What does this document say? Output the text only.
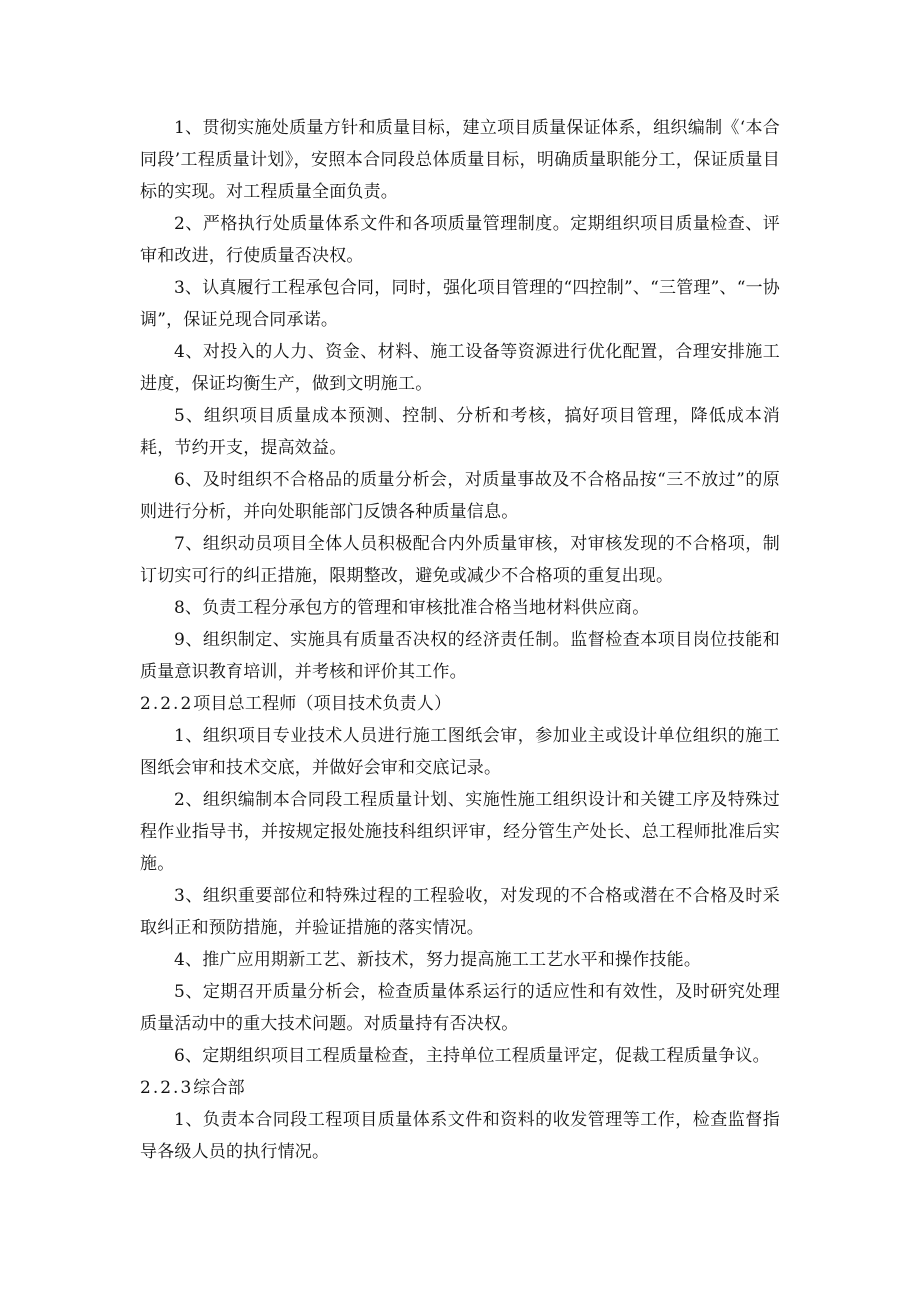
1、贯彻实施处质量方针和质量目标，建立项目质量保证体系，组织编制《‘本合同段’工程质量计划》，安照本合同段总体质量目标，明确质量职能分工，保证质量目标的实现。对工程质量全面负责。

2、严格执行处质量体系文件和各项质量管理制度。定期组织项目质量检查、评审和改进，行使质量否决权。

3、认真履行工程承包合同，同时，强化项目管理的“四控制”、“三管理”、“一协调”，保证兑现合同承诺。

4、对投入的人力、资金、材料、施工设备等资源进行优化配置，合理安排施工进度，保证均衡生产，做到文明施工。

5、组织项目质量成本预测、控制、分析和考核，搞好项目管理，降低成本消耗，节约开支，提高效益。

6、及时组织不合格品的质量分析会，对质量事故及不合格品按“三不放过”的原则进行分析，并向处职能部门反馈各种质量信息。

7、组织动员项目全体人员积极配合内外质量审核，对审核发现的不合格项，制订切实可行的纠正措施，限期整改，避免或减少不合格项的重复出现。

8、负责工程分承包方的管理和审核批准合格当地材料供应商。

9、组织制定、实施具有质量否决权的经济责任制。监督检查本项目岗位技能和质量意识教育培训，并考核和评价其工作。

2.2.2项目总工程师（项目技术负责人）

1、组织项目专业技术人员进行施工图纸会审，参加业主或设计单位组织的施工图纸会审和技术交底，并做好会审和交底记录。

2、组织编制本合同段工程质量计划、实施性施工组织设计和关键工序及特殊过程作业指导书，并按规定报处施技科组织评审，经分管生产处长、总工程师批准后实施。

3、组织重要部位和特殊过程的工程验收，对发现的不合格或潜在不合格及时采取纠正和预防措施，并验证措施的落实情况。

4、推广应用期新工艺、新技术，努力提高施工工艺水平和操作技能。

5、定期召开质量分析会，检查质量体系运行的适应性和有效性，及时研究处理质量活动中的重大技术问题。对质量持有否决权。

6、定期组织项目工程质量检查，主持单位工程质量评定，促裁工程质量争议。

2.2.3综合部

1、负责本合同段工程项目质量体系文件和资料的收发管理等工作，检查监督指导各级人员的执行情况。
